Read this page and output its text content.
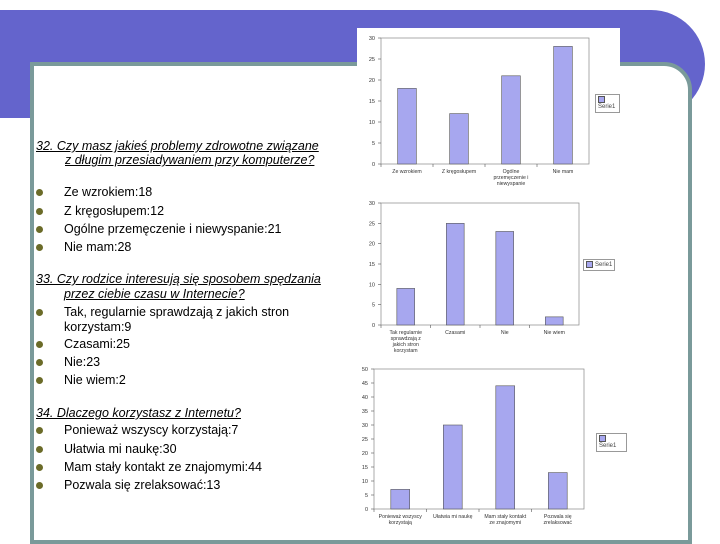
32. Czy masz jakieś problemy zdrowotne związane
z długim przesiadywaniem przy komputerze?
Ze wzrokiem:18
Z kręgosłupem:12
Ogólne przemęczenie i niewyspanie:21
Nie mam:28
33. Czy rodzice interesują się sposobem spędzania
przez ciebie czasu w Internecie?
Tak, regularnie sprawdzają z jakich stron
korzystam:9
Czasami:25
Nie:23
Nie wiem:2
34. Dlaczego korzystasz z Internetu?
Ponieważ wszyscy korzystają:7
Ułatwia mi naukę:30
Mam stały kontakt ze znajomymi:44
Pozwala się zrelaksować:13
0
5
10
15
20
25
30
Ze wzrokiem	Z kręgosłupem	Ogólne przemęczenie i niewyspanie
Nie mam
Serie1
0
5
10
15
20
25
30
Tak regularnie sprawdzają z jakich stron korzystam
Czasami	Nie	Nie wiem
Serie1
0
5
10
15
20
25
30
35
40
45
50
Ponieważ wszyscy korzystają
Ułatwia mi naukę Mam stały kontakt ze znajomymi
Pozwala się zrelaksować
Serie1
